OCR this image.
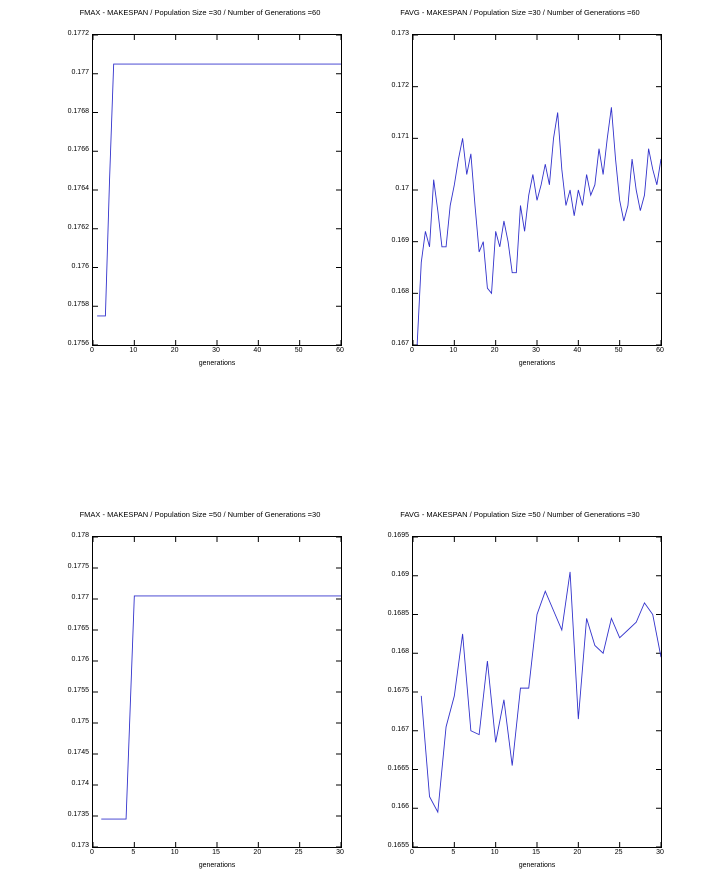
FMAX - MAKESPAN / Population Size =30 / Number of Generations =60
generations
0.1756
0.1758
0.176
0.1762
0.1764
0.1766
0.1768
0.177
0.1772
0	10	20	30	40	50	60
FAVG - MAKESPAN / Population Size =30 / Number of Generations =60
generations
0.167
0.168
0.169
0.17
0.171
0.172
0.173
0	10	20	30	40	50	60
FMAX - MAKESPAN / Population Size =50 / Number of Generations =30
generations
0.173
0.1735
0.174
0.1745
0.175
0.1755
0.176
0.1765
0.177
0.1775
0.178
0	5	10	15	20	25	30
FAVG - MAKESPAN / Population Size =50 / Number of Generations =30
generations
0.1655
0.166
0.1665
0.167
0.1675
0.168
0.1685
0.169
0.1695
0	5	10	15	20	25	30
